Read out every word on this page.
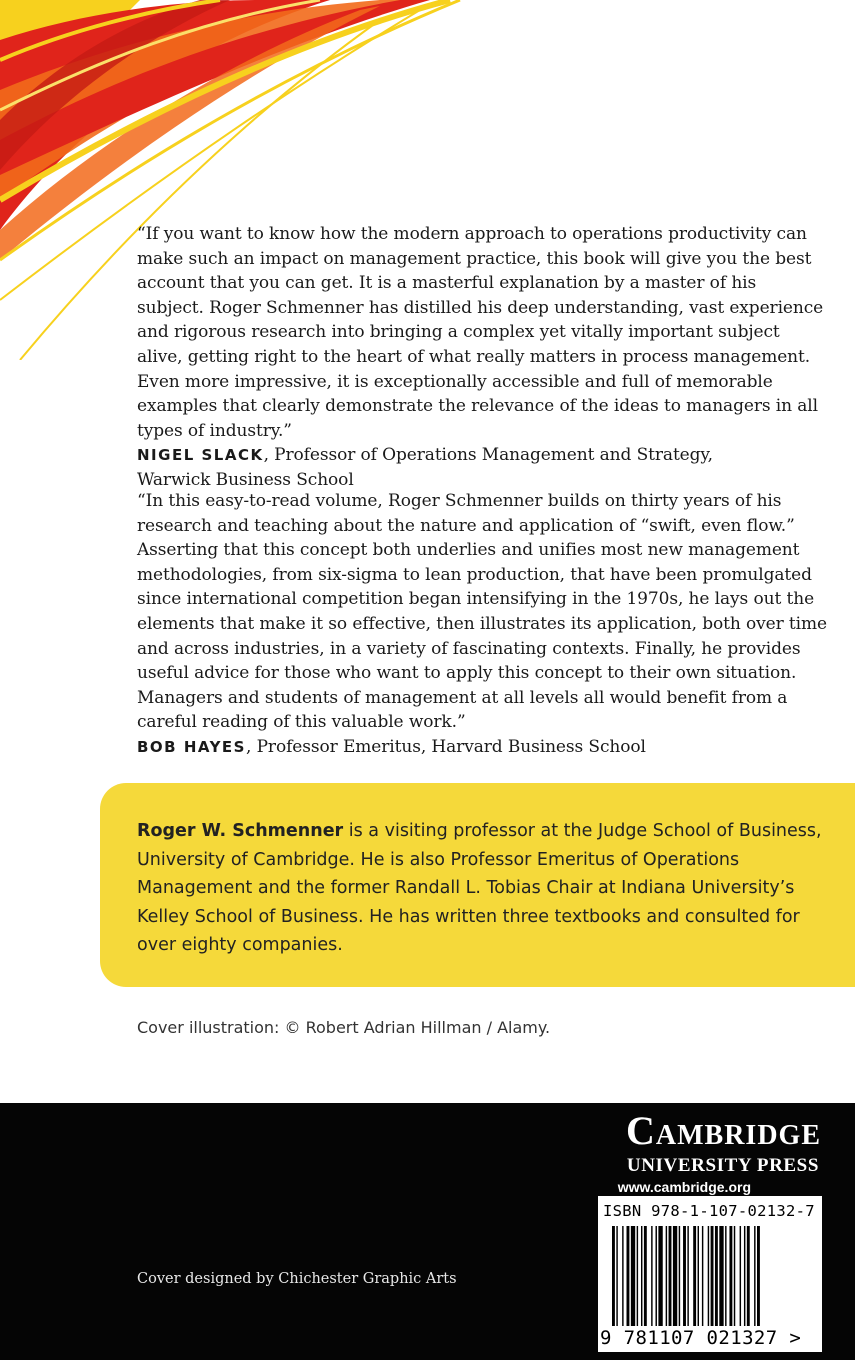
“If you want to know how the modern approach to operations productivity can make such an impact on management practice, this book will give you the best account that you can get. It is a masterful explanation by a master of his subject. Roger Schmenner has distilled his deep understanding, vast experience and rigorous research into bringing a complex yet vitally important subject alive, getting right to the heart of what really matters in process management. Even more impressive, it is exceptionally accessible and full of memorable examples that clearly demonstrate the relevance of the ideas to managers in all types of industry.”

NIGEL SLACK, Professor of Operations Management and Strategy,
Warwick Business School

“In this easy-to-read volume, Roger Schmenner builds on thirty years of his research and teaching about the nature and application of “swift, even flow.” Asserting that this concept both underlies and unifies most new management methodologies, from six-sigma to lean production, that have been promulgated since international competition began intensifying in the 1970s, he lays out the elements that make it so effective, then illustrates its application, both over time and across industries, in a variety of fascinating contexts. Finally, he provides useful advice for those who want to apply this concept to their own situation. Managers and students of management at all levels all would benefit from a careful reading of this valuable work.”

BOB HAYES, Professor Emeritus, Harvard Business School

Roger W. Schmenner is a visiting professor at the Judge School of Business, University of Cambridge. He is also Professor Emeritus of Operations Management and the former Randall L. Tobias Chair at Indiana University’s Kelley School of Business. He has written three textbooks and consulted for over eighty companies.
Cover illustration: © Robert Adrian Hillman / Alamy.
Cover designed by Chichester Graphic Arts
Cambridge
UNIVERSITY PRESS
www.cambridge.org
ISBN 978-1-107-02132-7
9 781107 021327 >
